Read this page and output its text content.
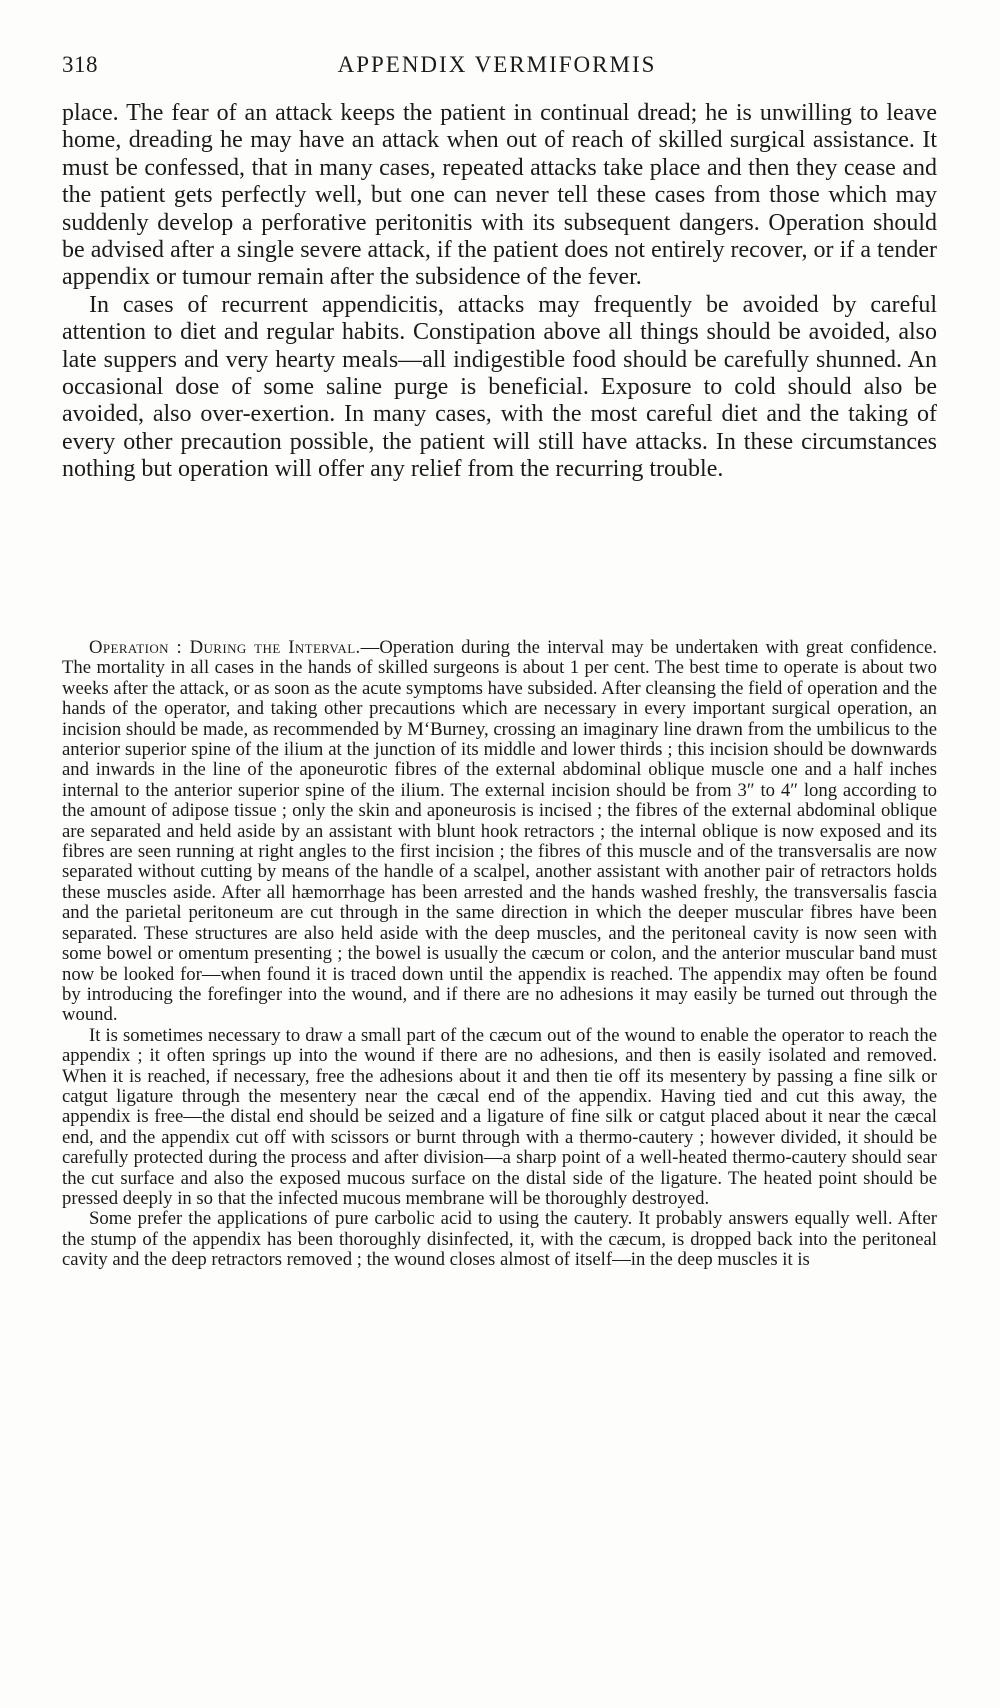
318	APPENDIX VERMIFORMIS

place. The fear of an attack keeps the patient in continual dread; he is unwilling to leave home, dreading he may have an attack when out of reach of skilled surgical assistance. It must be confessed, that in many cases, repeated attacks take place and then they cease and the patient gets perfectly well, but one can never tell these cases from those which may suddenly develop a perforative peritonitis with its subsequent dangers. Operation should be advised after a single severe attack, if the patient does not entirely recover, or if a tender appendix or tumour remain after the subsidence of the fever.

In cases of recurrent appendicitis, attacks may frequently be avoided by careful attention to diet and regular habits. Constipation above all things should be avoided, also late suppers and very hearty meals—all indigestible food should be carefully shunned. An occasional dose of some saline purge is beneficial. Exposure to cold should also be avoided, also over-exertion. In many cases, with the most careful diet and the taking of every other precaution possible, the patient will still have attacks. In these circumstances nothing but operation will offer any relief from the recurring trouble.

Operation : During the Interval.—Operation during the interval may be undertaken with great confidence. The mortality in all cases in the hands of skilled surgeons is about 1 per cent. The best time to operate is about two weeks after the attack, or as soon as the acute symptoms have subsided. After cleansing the field of operation and the hands of the operator, and taking other precautions which are necessary in every important surgical operation, an incision should be made, as recommended by M‘Burney, crossing an imaginary line drawn from the umbilicus to the anterior superior spine of the ilium at the junction of its middle and lower thirds ; this incision should be downwards and inwards in the line of the aponeurotic fibres of the external abdominal oblique muscle one and a half inches internal to the anterior superior spine of the ilium. The external incision should be from 3″ to 4″ long according to the amount of adipose tissue ; only the skin and aponeurosis is incised ; the fibres of the external abdominal oblique are separated and held aside by an assistant with blunt hook retractors ; the internal oblique is now exposed and its fibres are seen running at right angles to the first incision ; the fibres of this muscle and of the transversalis are now separated without cutting by means of the handle of a scalpel, another assistant with another pair of retractors holds these muscles aside. After all hæmorrhage has been arrested and the hands washed freshly, the transversalis fascia and the parietal peritoneum are cut through in the same direction in which the deeper muscular fibres have been separated. These structures are also held aside with the deep muscles, and the peritoneal cavity is now seen with some bowel or omentum presenting ; the bowel is usually the cæcum or colon, and the anterior muscular band must now be looked for—when found it is traced down until the appendix is reached. The appendix may often be found by introducing the forefinger into the wound, and if there are no adhesions it may easily be turned out through the wound.

It is sometimes necessary to draw a small part of the cæcum out of the wound to enable the operator to reach the appendix ; it often springs up into the wound if there are no adhesions, and then is easily isolated and removed. When it is reached, if necessary, free the adhesions about it and then tie off its mesentery by passing a fine silk or catgut ligature through the mesentery near the cæcal end of the appendix. Having tied and cut this away, the appendix is free—the distal end should be seized and a ligature of fine silk or catgut placed about it near the cæcal end, and the appendix cut off with scissors or burnt through with a thermo-cautery ; however divided, it should be carefully protected during the process and after division—a sharp point of a well-heated thermo-cautery should sear the cut surface and also the exposed mucous surface on the distal side of the ligature. The heated point should be pressed deeply in so that the infected mucous membrane will be thoroughly destroyed.

Some prefer the applications of pure carbolic acid to using the cautery. It probably answers equally well. After the stump of the appendix has been thoroughly disinfected, it, with the cæcum, is dropped back into the peritoneal cavity and the deep retractors removed ; the wound closes almost of itself—in the deep muscles it is
